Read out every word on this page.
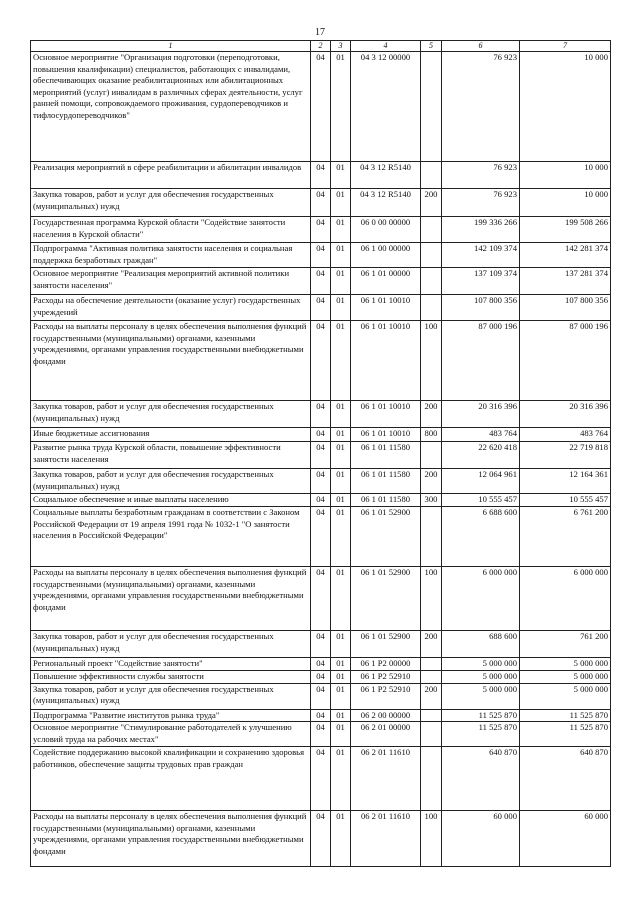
17
1	2	3	4	5	6	7
Основное мероприятие "Организация подготовки (переподготовки, повышения квалификации) специалистов, работающих с инвалидами, обеспечивающих оказание реабилитационных или абилитационных мероприятий (услуг) инвалидам в различных сферах деятельности, услуг ранней помощи, сопровождаемого проживания, сурдопереводчиков и тифлосурдопереводчиков"	04	01	04 3 12 00000		76 923	10 000
Реализация мероприятий в сфере реабилитации и абилитации инвалидов	04	01	04 3 12 R5140		76 923	10 000
Закупка товаров, работ и услуг для обеспечения государственных (муниципальных) нужд	04	01	04 3 12 R5140	200	76 923	10 000
Государственная программа Курской области "Содействие занятости населения в Курской области"	04	01	06 0 00 00000		199 336 266	199 508 266
Подпрограмма "Активная политика занятости населения и социальная поддержка безработных граждан"	04	01	06 1 00 00000		142 109 374	142 281 374
Основное мероприятие "Реализация мероприятий активной политики занятости населения"	04	01	06 1 01 00000		137 109 374	137 281 374
Расходы на обеспечение деятельности (оказание услуг) государственных учреждений	04	01	06 1 01 10010		107 800 356	107 800 356
Расходы на выплаты персоналу в целях обеспечения выполнения функций государственными (муниципальными) органами, казенными учреждениями, органами управления государственными внебюджетными фондами	04	01	06 1 01 10010	100	87 000 196	87 000 196
Закупка товаров, работ и услуг для обеспечения государственных (муниципальных) нужд	04	01	06 1 01 10010	200	20 316 396	20 316 396
Иные бюджетные ассигнования	04	01	06 1 01 10010	800	483 764	483 764
Развитие рынка труда Курской области, повышение эффективности занятости населения	04	01	06 1 01 11580		22 620 418	22 719 818
Закупка товаров, работ и услуг для обеспечения государственных (муниципальных) нужд	04	01	06 1 01 11580	200	12 064 961	12 164 361
Социальное обеспечение и иные выплаты населению	04	01	06 1 01 11580	300	10 555 457	10 555 457
Социальные выплаты безработным гражданам в соответствии с Законом Российской Федерации от 19 апреля 1991 года № 1032-1 "О занятости населения в Российской Федерации"	04	01	06 1 01 52900		6 688 600	6 761 200
Расходы на выплаты персоналу в целях обеспечения выполнения функций государственными (муниципальными) органами, казенными учреждениями, органами управления государственными внебюджетными фондами	04	01	06 1 01 52900	100	6 000 000	6 000 000
Закупка товаров, работ и услуг для обеспечения государственных (муниципальных) нужд	04	01	06 1 01 52900	200	688 600	761 200
Региональный проект "Содействие занятости"	04	01	06 1 P2 00000		5 000 000	5 000 000
Повышение эффективности службы занятости	04	01	06 1 P2 52910		5 000 000	5 000 000
Закупка товаров, работ и услуг для обеспечения государственных (муниципальных) нужд	04	01	06 1 P2 52910	200	5 000 000	5 000 000
Подпрограмма "Развитие институтов рынка труда"	04	01	06 2 00 00000		11 525 870	11 525 870
Основное мероприятие "Стимулирование работодателей к улучшению условий труда на рабочих местах"	04	01	06 2 01 00000		11 525 870	11 525 870
Содействие поддержанию высокой квалификации и сохранению здоровья работников, обеспечение защиты трудовых прав граждан	04	01	06 2 01 11610		640 870	640 870
Расходы на выплаты персоналу в целях обеспечения выполнения функций государственными (муниципальными) органами, казенными учреждениями, органами управления государственными внебюджетными фондами	04	01	06 2 01 11610	100	60 000	60 000
